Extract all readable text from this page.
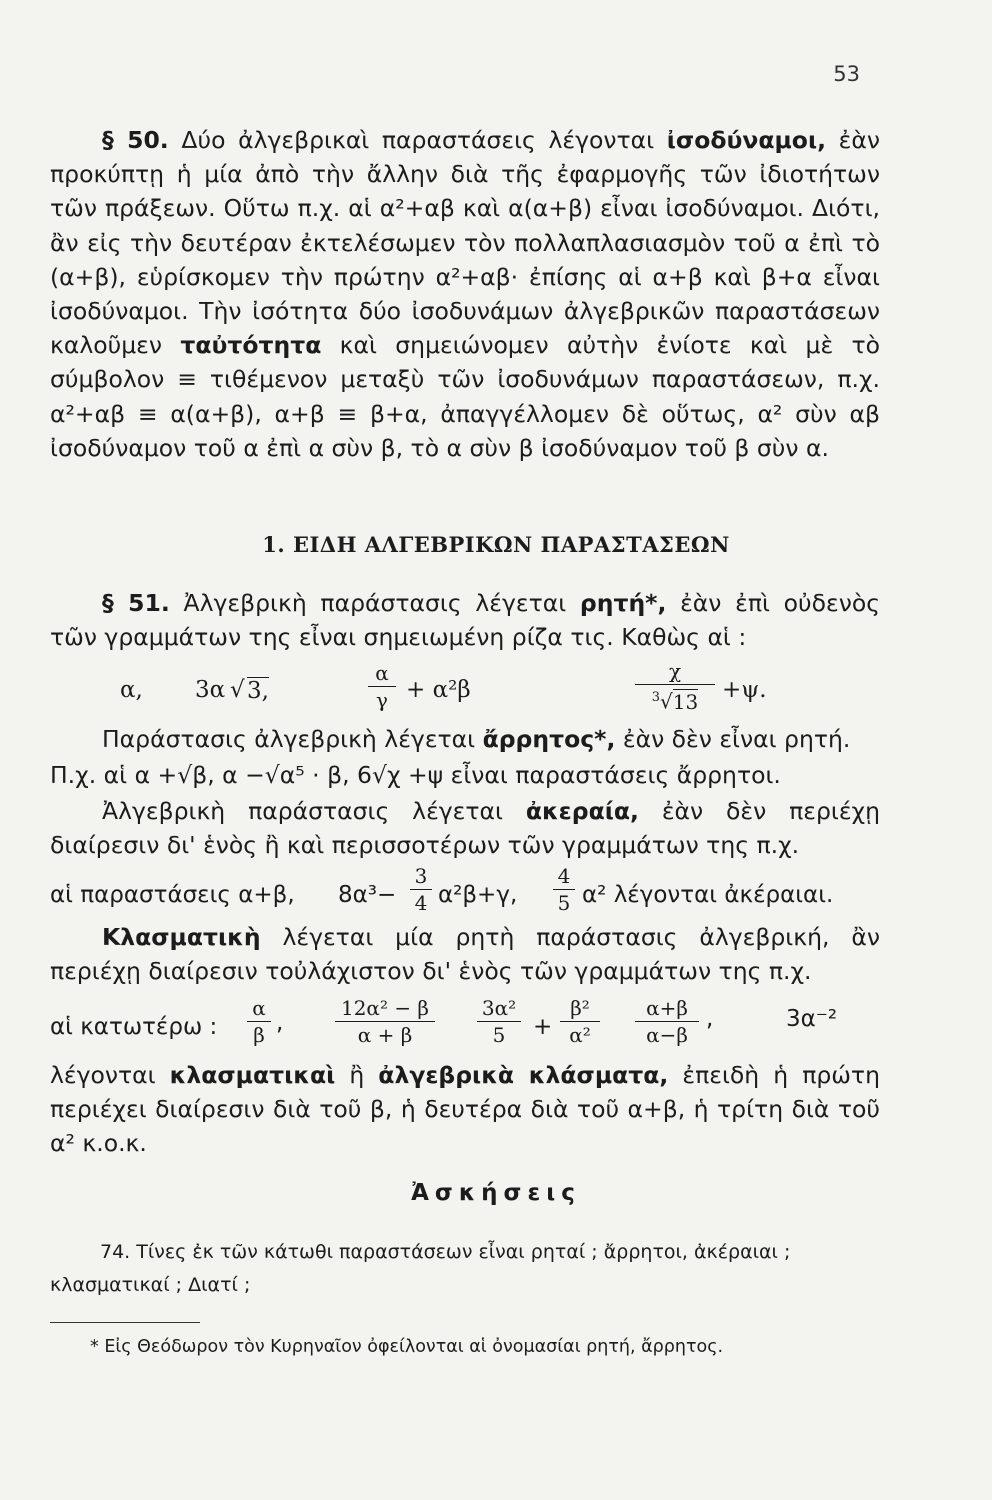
53
§ 50. Δύο ἀλγεβρικαὶ παραστάσεις λέγονται ἰσοδύναμοι, ἐὰν προκύπτῃ ἡ μία ἀπὸ τὴν ἄλλην διὰ τῆς ἐφαρμογῆς τῶν ἰδιοτήτων τῶν πράξεων. Οὕτω π.χ. αἱ α²+αβ καὶ α(α+β) εἶναι ἰσοδύναμοι. Διότι, ἂν εἰς τὴν δευτέραν ἐκτελέσωμεν τὸν πολλαπλασιασμὸν τοῦ α ἐπὶ τὸ (α+β), εὑρίσκομεν τὴν πρώτην α²+αβ· ἐπίσης αἱ α+β καὶ β+α εἶναι ἰσοδύναμοι. Τὴν ἰσότητα δύο ἰσοδυνάμων ἀλγεβρικῶν παραστάσεων καλοῦμεν ταὐτότητα καὶ σημειώνομεν αὐτὴν ἐνίοτε καὶ μὲ τὸ σύμβολον ≡ τιθέμενον μεταξὺ τῶν ἰσοδυνάμων παραστάσεων, π.χ. α²+αβ ≡ α(α+β), α+β ≡ β+α, ἀπαγγέλλομεν δὲ οὕτως, α² σὺν αβ ἰσοδύναμον τοῦ α ἐπὶ α σὺν β, τὸ α σὺν β ἰσοδύναμον τοῦ β σὺν α.
1. ΕΙΔΗ ΑΛΓΕΒΡΙΚΩΝ ΠΑΡΑΣΤΑΣΕΩΝ
§ 51. Ἀλγεβρικὴ παράστασις λέγεται ρητή*, ἐὰν ἐπὶ οὐδενὸς τῶν γραμμάτων της εἶναι σημειωμένη ρίζα τις. Καθὼς αἱ :
α, 3α √ 3,
α
γ + α²β
χ
$^3$√13	+ψ.
Παράστασις ἀλγεβρικὴ λέγεται ἄρρητος*, ἐὰν δὲν εἶναι ρητή.
Π.χ. αἱ α +√β, α −√α⁵ · β, 6√χ +ψ εἶναι παραστάσεις ἄρρητοι.
Ἀλγεβρικὴ παράστασις λέγεται ἀκεραία, ἐὰν δὲν περιέχῃ διαίρεσιν δι' ἑνὸς ἢ καὶ περισσοτέρων τῶν γραμμάτων της π.χ.
αἱ παραστάσεις α+β, 8α³−
3
4 α²β+γ,
4
5 α² λέγονται ἀκέραιαι.
Κλασματικὴ λέγεται μία ρητὴ παράστασις ἀλγεβρική, ἂν περιέχῃ διαίρεσιν τοὐλάχιστον δι' ἑνὸς τῶν γραμμάτων της π.χ.
αἱ κατωτέρω :
α
β ,
12α² − β
α + β
3α²
5	+
β²
α²
α+β
α−β
,	3α⁻²
λέγονται κλασματικαὶ ἢ ἀλγεβρικὰ κλάσματα, ἐπειδὴ ἡ πρώτη περιέχει διαίρεσιν διὰ τοῦ β, ἡ δευτέρα διὰ τοῦ α+β, ἡ τρίτη διὰ τοῦ α² κ.ο.κ.
Ἀσκήσεις
74. Τίνες ἐκ τῶν κάτωθι παραστάσεων εἶναι ρηταί ; ἄρρητοι, ἀκέραιαι ; κλασματικαί ; Διατί ;
* Εἰς Θεόδωρον τὸν Κυρηναῖον ὀφείλονται αἱ ὀνομασίαι ρητή, ἄρρητος.
